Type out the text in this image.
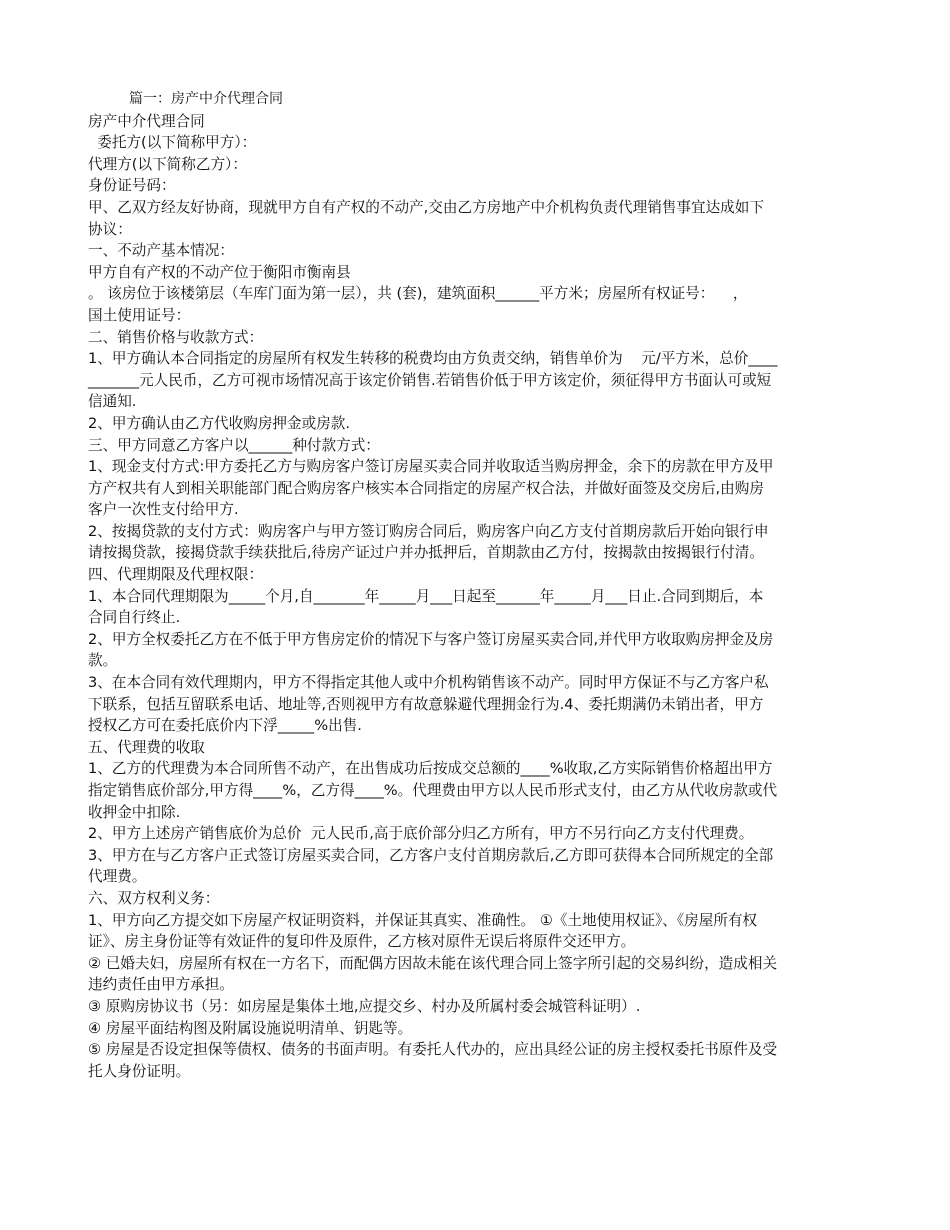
篇一：房产中介代理合同
房产中介代理合同
委托方(以下简称甲方）：
代理方(以下简称乙方）：
身份证号码：
甲、乙双方经友好协商，现就甲方自有产权的不动产,交由乙方房地产中介机构负责代理销售事宜达成如下
协议：
一、不动产基本情况：
甲方自有产权的不动产位于衡阳市衡南县
。 该房位于该楼第层（车库门面为第一层），共 (套)，建筑面积______平方米；房屋所有权证号：    ，
国土使用证号：
二、销售价格与收款方式：
1、甲方确认本合同指定的房屋所有权发生转移的税费均由方负责交纳，销售单价为    元/平方米，总价____
_______元人民币，乙方可视市场情况高于该定价销售.若销售价低于甲方该定价，须征得甲方书面认可或短
信通知.
2、甲方确认由乙方代收购房押金或房款.
三、甲方同意乙方客户以______种付款方式：
1、现金支付方式:甲方委托乙方与购房客户签订房屋买卖合同并收取适当购房押金，余下的房款在甲方及甲
方产权共有人到相关职能部门配合购房客户核实本合同指定的房屋产权合法，并做好面签及交房后,由购房
客户一次性支付给甲方.
2、按揭贷款的支付方式：购房客户与甲方签订购房合同后，购房客户向乙方支付首期房款后开始向银行申
请按揭贷款，接揭贷款手续获批后,待房产证过户并办抵押后，首期款由乙方付，按揭款由按揭银行付清。
四、代理期限及代理权限：
1、本合同代理期限为_____个月,自_______年_____月___日起至______年_____月___日止.合同到期后，本
合同自行终止.
2、甲方全权委托乙方在不低于甲方售房定价的情况下与客户签订房屋买卖合同,并代甲方收取购房押金及房
款。
3、在本合同有效代理期内，甲方不得指定其他人或中介机构销售该不动产。同时甲方保证不与乙方客户私
下联系，包括互留联系电话、地址等,否则视甲方有故意躲避代理拥金行为.4、委托期满仍未销出者，甲方
授权乙方可在委托底价内下浮_____%出售.
五、代理费的收取
1、乙方的代理费为本合同所售不动产，在出售成功后按成交总额的____%收取,乙方实际销售价格超出甲方
指定销售底价部分,甲方得____%，乙方得____%。代理费由甲方以人民币形式支付，由乙方从代收房款或代
收押金中扣除.
2、甲方上述房产销售底价为总价  元人民币,高于底价部分归乙方所有，甲方不另行向乙方支付代理费。
3、甲方在与乙方客户正式签订房屋买卖合同，乙方客户支付首期房款后,乙方即可获得本合同所规定的全部
代理费。
六、双方权利义务：
1、甲方向乙方提交如下房屋产权证明资料，并保证其真实、准确性。 ①《土地使用权证》、《房屋所有权
证》、房主身份证等有效证件的复印件及原件，乙方核对原件无误后将原件交还甲方。
② 已婚夫妇，房屋所有权在一方名下，而配偶方因故未能在该代理合同上签字所引起的交易纠纷，造成相关
违约责任由甲方承担。
③ 原购房协议书（另：如房屋是集体土地,应提交乡、村办及所属村委会城管科证明）.
④ 房屋平面结构图及附属设施说明清单、钥匙等。
⑤ 房屋是否设定担保等债权、债务的书面声明。有委托人代办的，应出具经公证的房主授权委托书原件及受
托人身份证明。
